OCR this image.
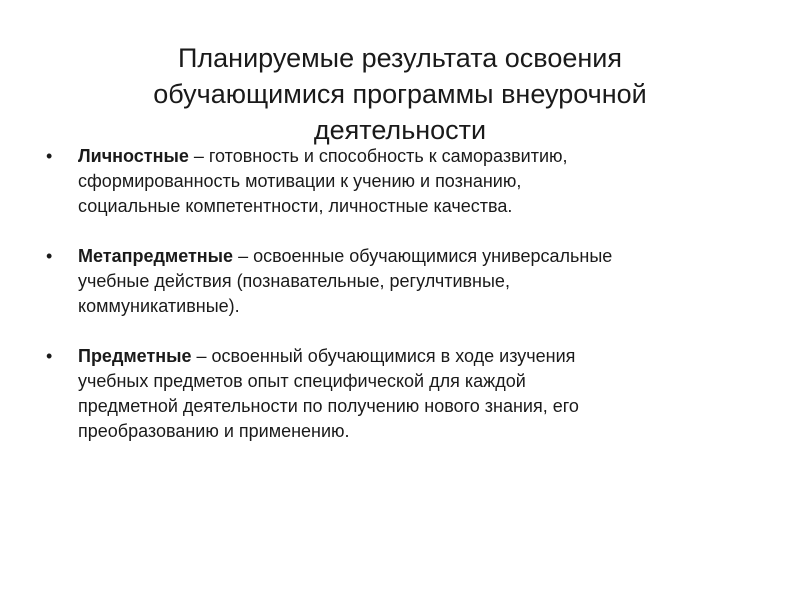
Планируемые результата освоения
обучающимися программы внеурочной
деятельности
• Личностные – готовность и способность к саморазвитию,
сформированность мотивации к учению и познанию,
социальные компетентности, личностные качества.
• Метапредметные – освоенные обучающимися универсальные
учебные действия (познавательные, регулчтивные,
коммуникативные).
• Предметные – освоенный обучающимися в ходе изучения
учебных предметов опыт специфической для каждой
предметной деятельности по получению нового знания, его
преобразованию и применению.
